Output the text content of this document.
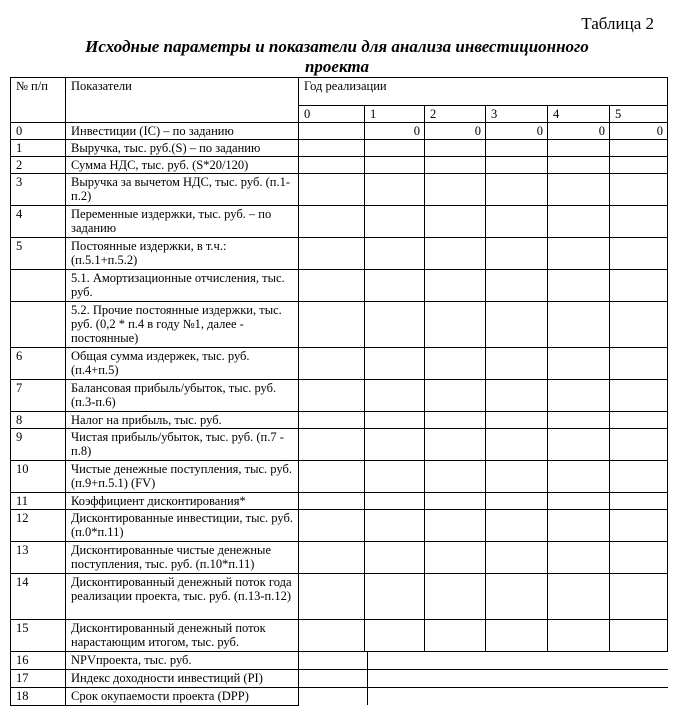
Таблица 2
Исходные параметры и показатели для анализа инвестиционного
проекта
№ п/п	Показатели	Год реализации					
		0	1	2	3	4	5
0	Инвестиции (IC) – по заданию		0	0	0	0	0
1	Выручка, тыс. руб.(S) – по заданию						
2	Сумма НДС, тыс. руб. (S*20/120)						
3	Выручка за вычетом НДС, тыс. руб. (п.1-п.2)						
4	Переменные издержки, тыс. руб. – по заданию						
5	Постоянные издержки, в т.ч.: (п.5.1+п.5.2)						
	5.1. Амортизационные отчисления, тыс. руб.						
	5.2. Прочие постоянные издержки, тыс. руб. (0,2 * п.4 в году №1, далее - постоянные)						
6	Общая сумма издержек, тыс. руб. (п.4+п.5)						
7	Балансовая прибыль/убыток, тыс. руб. (п.3-п.6)						
8	Налог на прибыль, тыс. руб.						
9	Чистая прибыль/убыток, тыс. руб. (п.7 - п.8)						
10	Чистые денежные поступления, тыс. руб. (п.9+п.5.1) (FV)						
11	Коэффициент дисконтирования*						
12	Дисконтированные инвестиции, тыс. руб. (п.0*п.11)						
13	Дисконтированные чистые денежные поступления, тыс. руб. (п.10*п.11)						
14	Дисконтированный денежный поток года реализации проекта, тыс. руб. (п.13-п.12)						
15	Дисконтированный денежный поток нарастающим итогом, тыс. руб.						
16	NPVпроекта, тыс. руб.						

17	Индекс доходности инвестиций (PI)						

18	Срок окупаемости проекта (DPP)						
